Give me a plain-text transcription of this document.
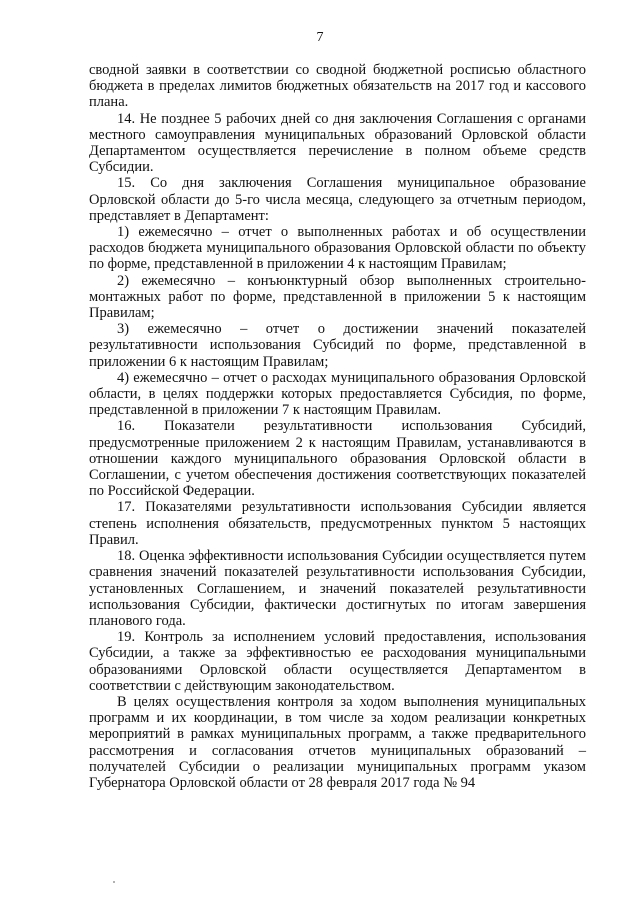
7

сводной заявки в соответствии со сводной бюджетной росписью областного бюджета в пределах лимитов бюджетных обязательств на 2017 год и кассового плана.

14. Не позднее 5 рабочих дней со дня заключения Соглашения с органами местного самоуправления муниципальных образований Орловской области Департаментом осуществляется перечисление в полном объеме средств Субсидии.

15. Со дня заключения Соглашения муниципальное образование Орловской области до 5-го числа месяца, следующего за отчетным периодом, представляет в Департамент:

1) ежемесячно – отчет о выполненных работах и об осуществлении расходов бюджета муниципального образования Орловской области по объекту по форме, представленной в приложении 4 к настоящим Правилам;

2) ежемесячно – конъюнктурный обзор выполненных строительно-монтажных работ по форме, представленной в приложении 5 к настоящим Правилам;

3) ежемесячно – отчет о достижении значений показателей результативности использования Субсидий по форме, представленной в приложении 6 к настоящим Правилам;

4) ежемесячно – отчет о расходах муниципального образования Орловской области, в целях поддержки которых предоставляется Субсидия, по форме, представленной в приложении 7 к настоящим Правилам.

16. Показатели результативности использования Субсидий, предусмотренные приложением 2 к настоящим Правилам, устанавливаются в отношении каждого муниципального образования Орловской области в Соглашении, с учетом обеспечения достижения соответствующих показателей по Российской Федерации.

17. Показателями результативности использования Субсидии является степень исполнения обязательств, предусмотренных пунктом 5 настоящих Правил.

18. Оценка эффективности использования Субсидии осуществляется путем сравнения значений показателей результативности использования Субсидии, установленных Соглашением, и значений показателей результативности использования Субсидии, фактически достигнутых по итогам завершения планового года.

19. Контроль за исполнением условий предоставления, использования Субсидии, а также за эффективностью ее расходования муниципальными образованиями Орловской области осуществляется Департаментом в соответствии с действующим законодательством.

В целях осуществления контроля за ходом выполнения муниципальных программ и их координации, в том числе за ходом реализации конкретных мероприятий в рамках муниципальных программ, а также предварительного рассмотрения и согласования отчетов муниципальных образований – получателей Субсидии о реализации муниципальных программ указом Губернатора Орловской области от 28 февраля 2017 года № 94
